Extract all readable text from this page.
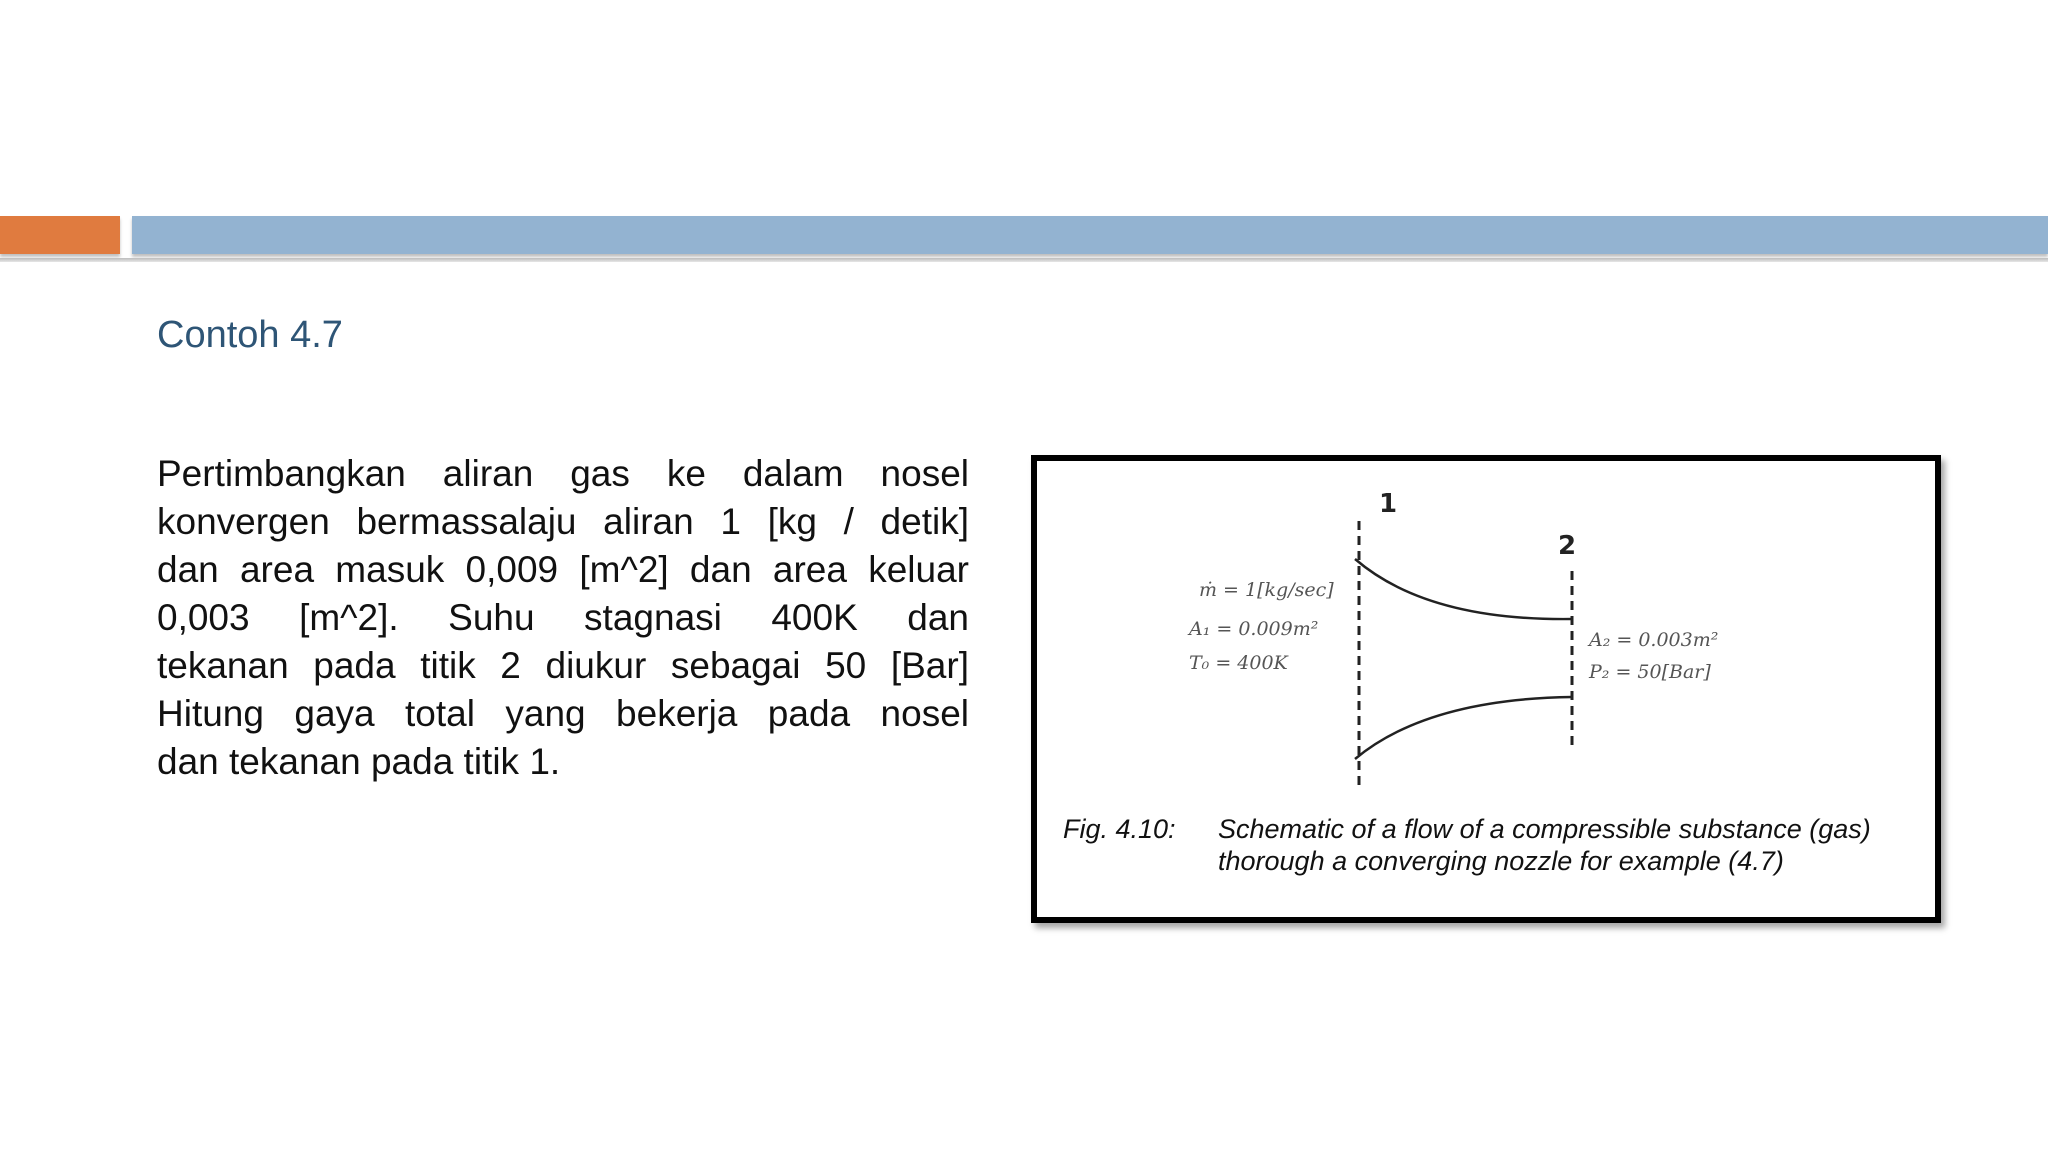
Contoh 4.7
Pertimbangkan aliran gas ke dalam nosel
konvergen bermassalaju aliran 1 [kg / detik]
dan area masuk 0,009 [m^2] dan area keluar
0,003 [m^2]. Suhu stagnasi 400K dan
tekanan pada titik 2 diukur sebagai 50 [Bar]
Hitung gaya total yang bekerja pada nosel
dan tekanan pada titik 1.
1
2
ṁ = 1[kg/sec]
A₁ = 0.009m²
T₀ = 400K
A₂ = 0.003m²
P₂ = 50[Bar]
Fig. 4.10: Schematic of a flow of a compressible substance (gas) thorough a converging nozzle for example (4.7)
